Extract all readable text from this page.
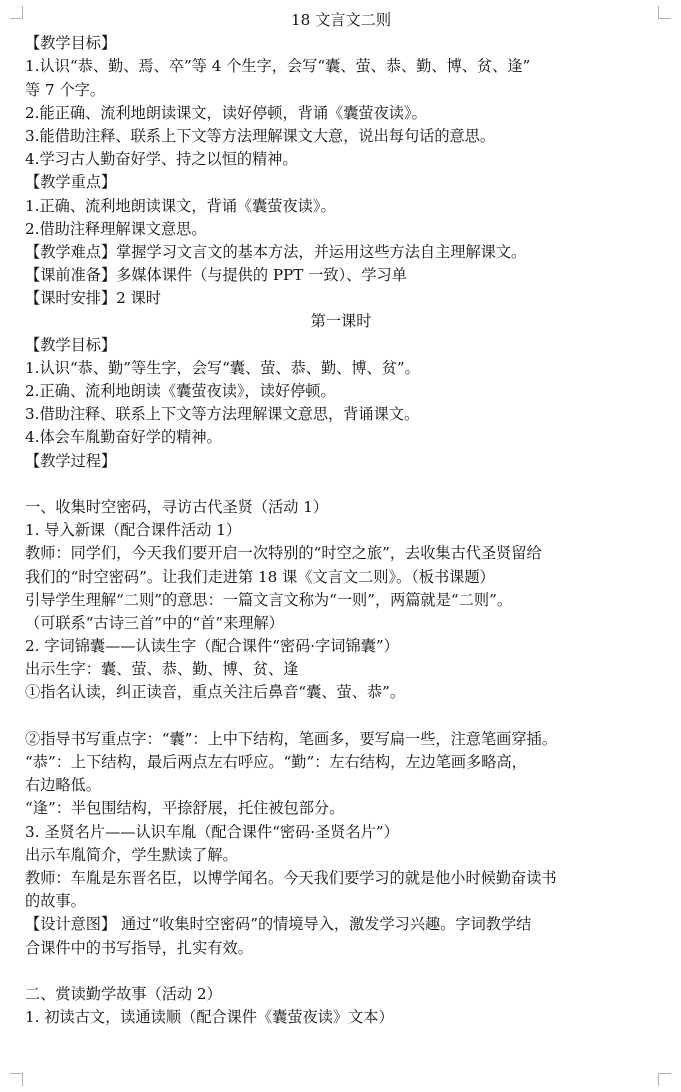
18 文言文二则
【教学目标】
1.认识“恭、勤、焉、卒”等 4 个生字，会写“囊、萤、恭、勤、博、贫、逢”
等 7 个字。
2.能正确、流利地朗读课文，读好停顿，背诵《囊萤夜读》。
3.能借助注释、联系上下文等方法理解课文大意，说出每句话的意思。
4.学习古人勤奋好学、持之以恒的精神。
【教学重点】
1.正确、流利地朗读课文，背诵《囊萤夜读》。
2.借助注释理解课文意思。
【教学难点】掌握学习文言文的基本方法，并运用这些方法自主理解课文。
【课前准备】多媒体课件（与提供的 PPT 一致）、学习单
【课时安排】2 课时
第一课时
【教学目标】
1.认识“恭、勤”等生字，会写“囊、萤、恭、勤、博、贫”。
2.正确、流利地朗读《囊萤夜读》，读好停顿。
3.借助注释、联系上下文等方法理解课文意思，背诵课文。
4.体会车胤勤奋好学的精神。
【教学过程】
一、收集时空密码，寻访古代圣贤（活动 1）
1. 导入新课（配合课件活动 1）
教师：同学们，今天我们要开启一次特别的“时空之旅”，去收集古代圣贤留给
我们的“时空密码”。让我们走进第 18 课《文言文二则》。（板书课题）
引导学生理解“二则”的意思：一篇文言文称为“一则”，两篇就是“二则”。
（可联系“古诗三首”中的“首”来理解）
2. 字词锦囊——认读生字（配合课件“密码·字词锦囊”）
出示生字：囊、萤、恭、勤、博、贫、逢
①指名认读，纠正读音，重点关注后鼻音“囊、萤、恭”。
②指导书写重点字：“囊”：上中下结构，笔画多，要写扁一些，注意笔画穿插。
“恭”：上下结构，最后两点左右呼应。“勤”：左右结构，左边笔画多略高，
右边略低。
“逢”：半包围结构，平捺舒展，托住被包部分。
3. 圣贤名片——认识车胤（配合课件“密码·圣贤名片”）
出示车胤简介，学生默读了解。
教师：车胤是东晋名臣，以博学闻名。今天我们要学习的就是他小时候勤奋读书
的故事。
【设计意图】 通过“收集时空密码”的情境导入，激发学习兴趣。字词教学结
合课件中的书写指导，扎实有效。
二、赏读勤学故事（活动 2）
1. 初读古文，读通读顺（配合课件《囊萤夜读》文本）
